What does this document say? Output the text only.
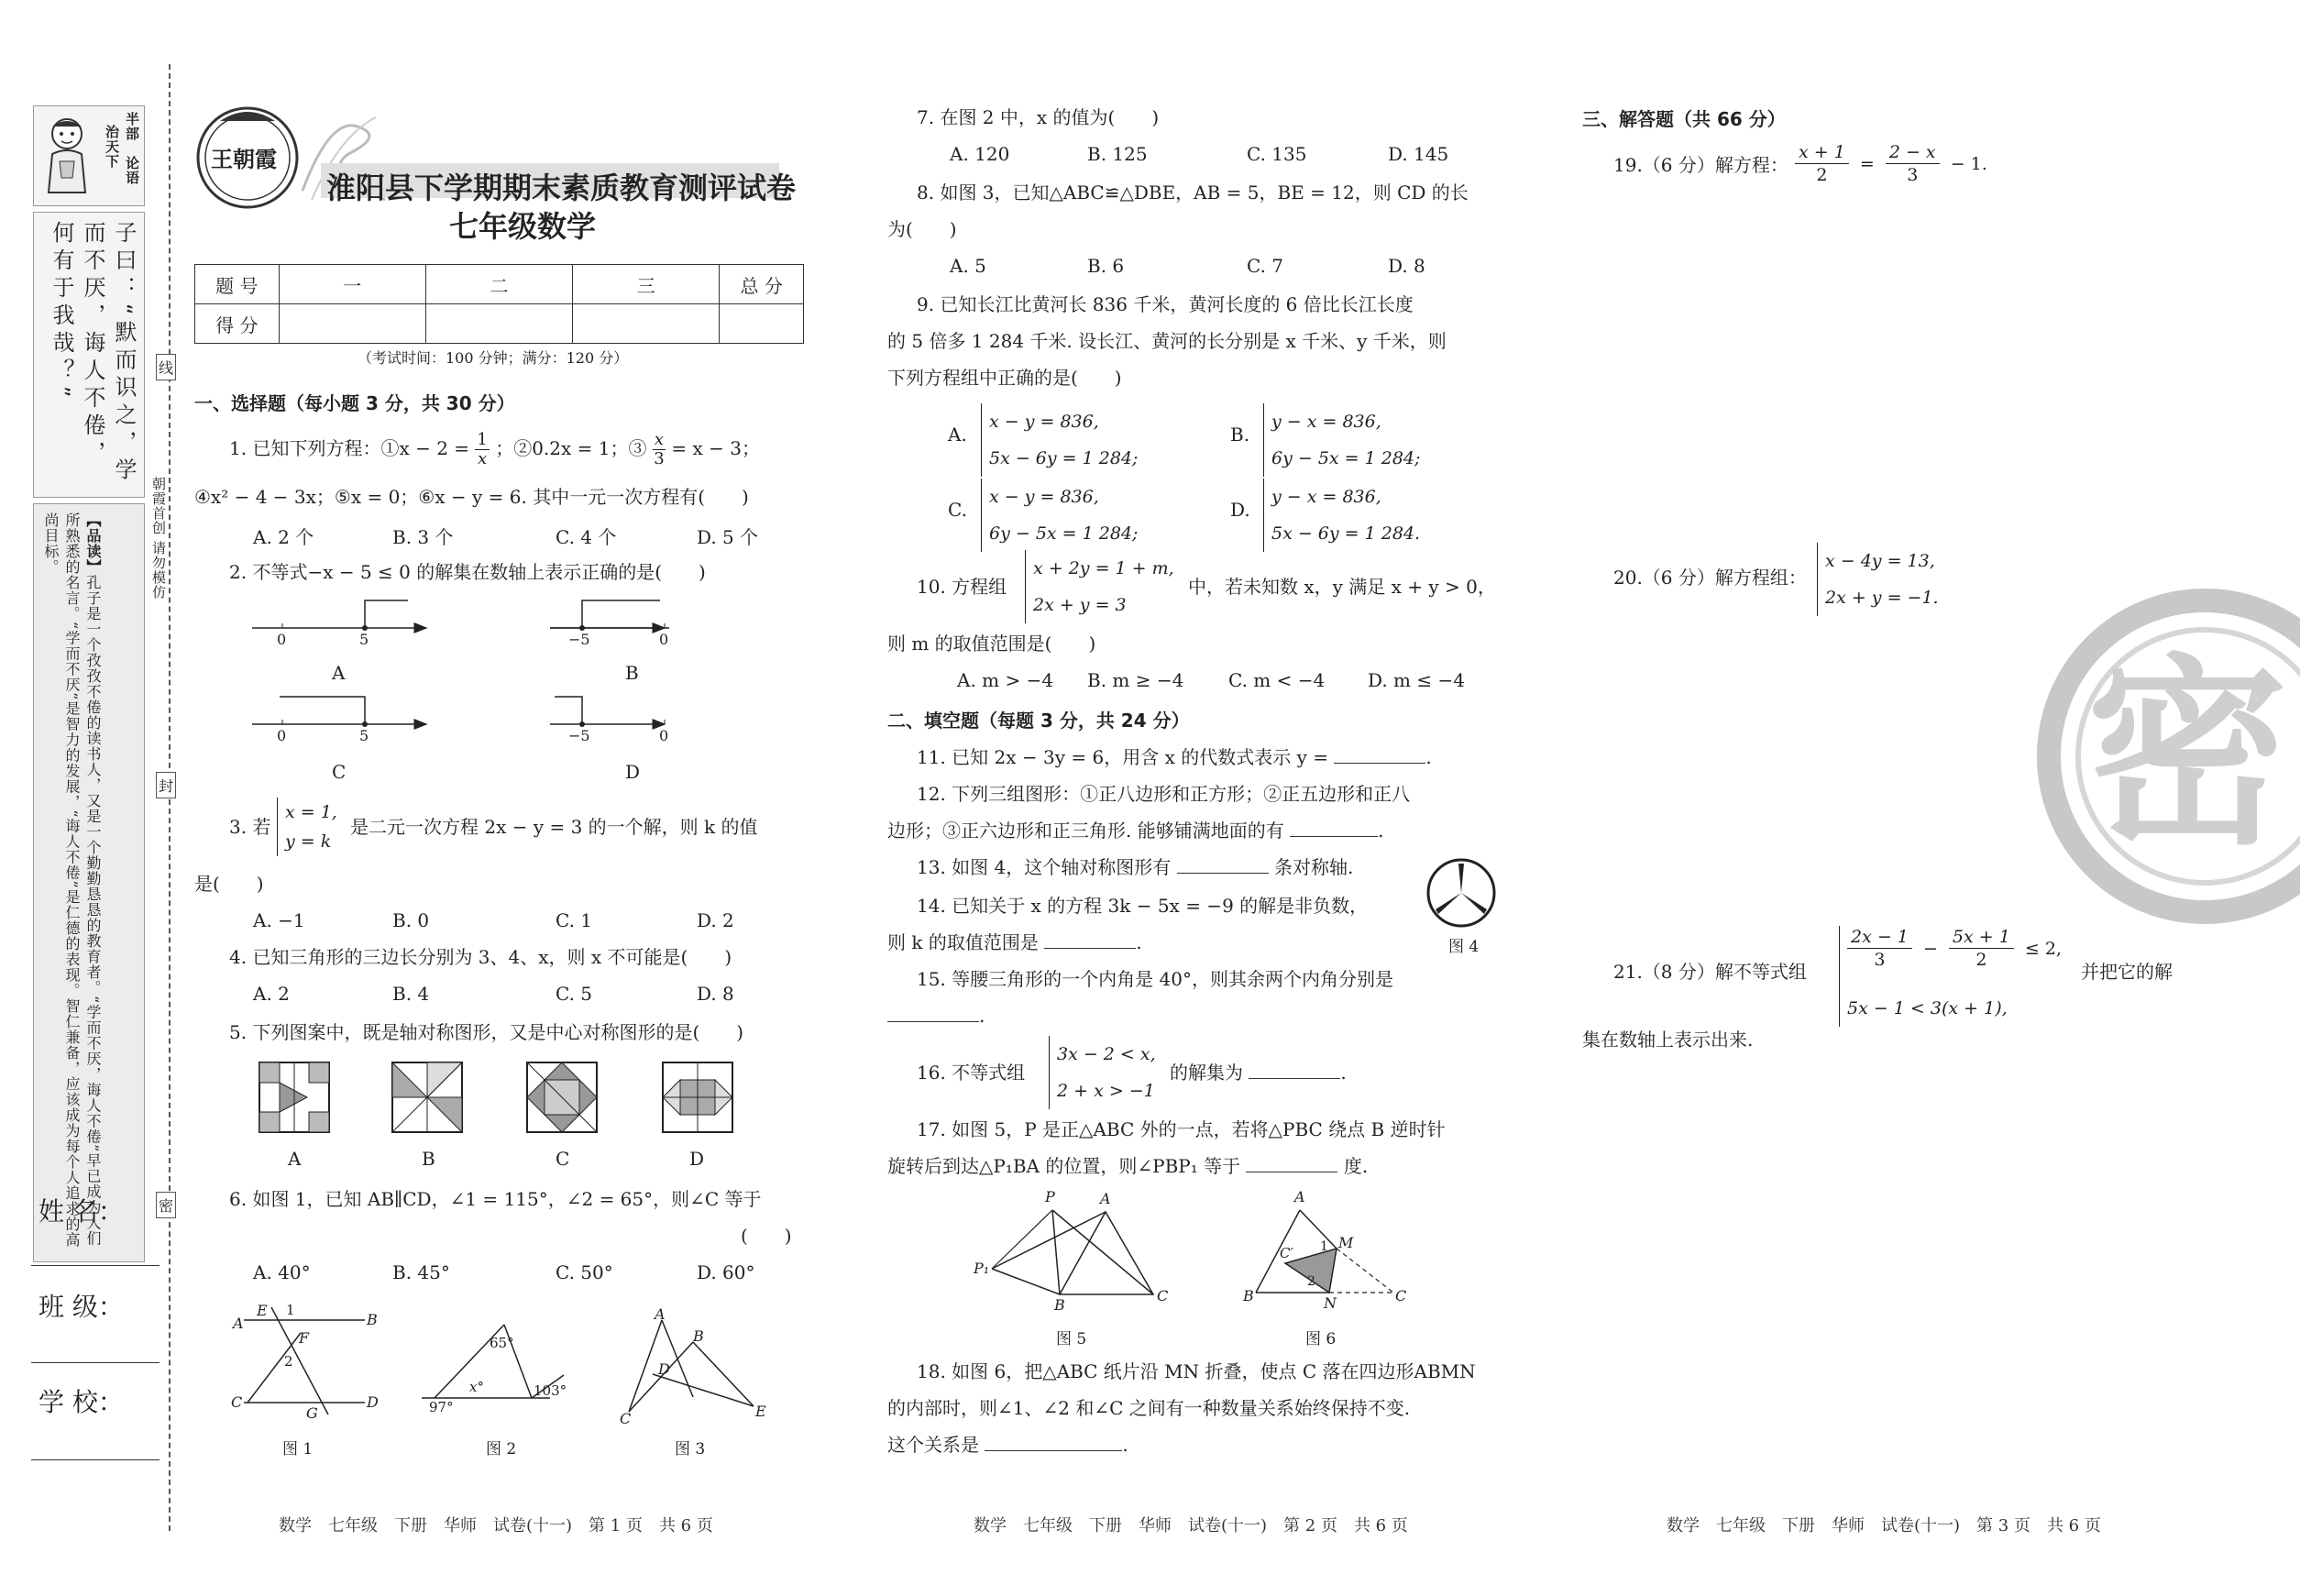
半部
论语
治天下
子曰：“默而识之，学而不厌，诲人不倦，何有于我哉？”
【品读】孔子是一个孜孜不倦的读书人，又是一个勤勤恳恳的教育者。“学而不厌，诲人不倦”早已成为人们所熟悉的名言。“学而不厌”是智力的发展，“诲人不倦”是仁德的表现。智仁兼备，应该成为每个人追求的高尚目标。
姓 名：
班 级：
学 校：
线
封
密
朝霞首创 请勿模仿
王朝霞
淮阳县下学期期末素质教育测评试卷
七年级数学
题 号	一	二	三	总 分
得 分				
（考试时间：100 分钟；满分：120 分）
一、选择题（每小题 3 分，共 30 分）
1. 已知下列方程：①x − $2 = \frac{1}{x}$ ；②0.2x = 1；③ $\frac{x}{3} = x - 3$；
④x² − 4 − 3x；⑤x = 0；⑥x − y = 6. 其中一元一次方程有(　　)
A. 2 个	B. 3 个	C. 4 个	D. 5 个
2. 不等式−x − 5 ≤ 0 的解集在数轴上表示正确的是(　　)
0	5	−5	0
0	5	−5	0
A	B
C	D
3. 若
x = 1,
y = k
是二元一次方程 2x − y = 3 的一个解，则 k 的值
是(　　)
A. −1	B. 0	C. 1	D. 2
4. 已知三角形的三边长分别为 3、4、x，则 x 不可能是(　　)
A. 2	B. 4	C. 5	D. 8
5. 下列图案中，既是轴对称图形，又是中心对称图形的是(　　)
A	B	C	D
6. 如图 1，已知 AB∥CD，∠1 = 115°，∠2 = 65°，则∠C 等于
(　　)
A. 40°	B. 45°	C. 50°	D. 60°
A
E 1
B
F
2
C
G
D
图 1
65°
x°
97°
103°
图 2
A
B
D
C	E
图 3
7. 在图 2 中，x 的值为(　　)
A. 120	B. 125	C. 135	D. 145
8. 如图 3，已知△ABC≌△DBE，AB = 5，BE = 12，则 CD 的长
为(　　)
A. 5	B. 6	C. 7	D. 8
9. 已知长江比黄河长 836 千米，黄河长度的 6 倍比长江长度
的 5 倍多 1 284 千米. 设长江、黄河的长分别是 x 千米、y 千米，则
下列方程组中正确的是(　　)
A.
x − y = 836,
5x − 6y = 1 284;
B.
y − x = 836,
6y − 5x = 1 284;
C.
x − y = 836,
6y − 5x = 1 284;
D.
y − x = 836,
5x − 6y = 1 284.
10. 方程组
x + 2y = 1 + m,
2x + y = 3
中，若未知数 x，y 满足 x + y > 0，
则 m 的取值范围是(　　)
A. m > −4 B. m ≥ −4 C. m < −4 D. m ≤ −4
二、填空题（每题 3 分，共 24 分）
11. 已知 2x − 3y = 6，用含 x 的代数式表示 y =	.
12. 下列三组图形：①正八边形和正方形；②正五边形和正八
边形；③正六边形和正三角形. 能够铺满地面的有	.
13. 如图 4，这个轴对称图形有	条对称轴.
14. 已知关于 x 的方程 3k − 5x = −9 的解是非负数，
则 k 的取值范围是	.	图 4
15. 等腰三角形的一个内角是 40°，则其余两个内角分别是
.
16. 不等式组
3x − 2 < x,
2 + x > −1
的解集为	.
17. 如图 5，P 是正△ABC 外的一点，若将△PBC 绕点 B 逆时针
旋转后到达△P₁BA 的位置，则∠PBP₁ 等于	度.
P	A
P₁
B
C
图 5
A
C′ 1 M
2
B	N	C
图 6
18. 如图 6，把△ABC 纸片沿 MN 折叠，使点 C 落在四边形ABMN
的内部时，则∠1、∠2 和∠C 之间有一种数量关系始终保持不变.
这个关系是	.
三、解答题（共 66 分）
19.（6 分）解方程： $\frac{x + 1}{2} = \frac{2 - x}{3} - 1$.
20.（6 分）解方程组：
x − 4y = 13,
2x + y = −1.
密
21.（8 分）解不等式组
$\frac{2x - 1}{3} - \frac{5x + 1}{2} \le 2$,
5x − 1 < 3(x + 1),
并把它的解
集在数轴上表示出来.
数学　七年级　下册　华师　试卷(十一)　第 1 页　共 6 页	数学　七年级　下册　华师　试卷(十一)　第 2 页　共 6 页	数学　七年级　下册　华师　试卷(十一)　第 3 页　共 6 页
